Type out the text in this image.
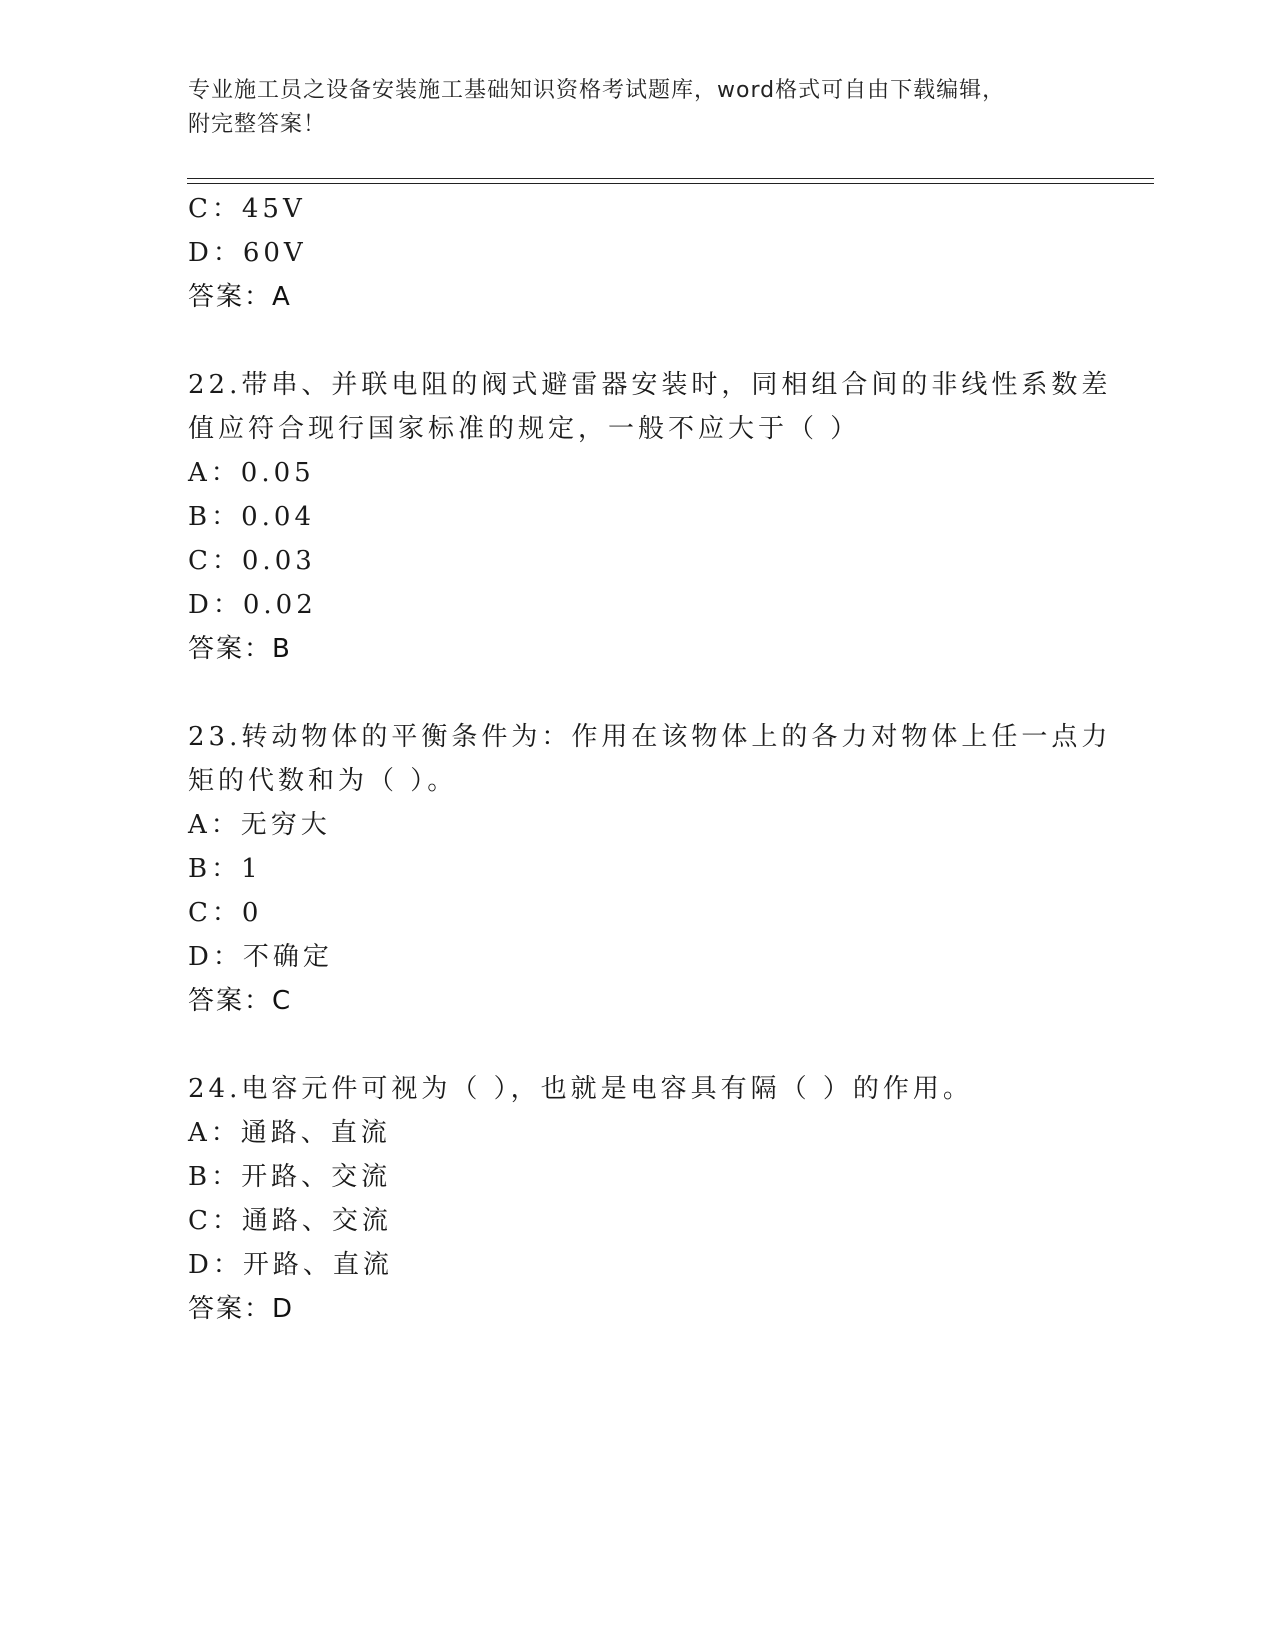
专业施工员之设备安装施工基础知识资格考试题库，word格式可自由下载编辑，
附完整答案！
C：45V
D：60V
答案：A
22.带串、并联电阻的阀式避雷器安装时，同相组合间的非线性系数差
值应符合现行国家标准的规定，一般不应大于（ ）
A：0.05
B：0.04
C：0.03
D：0.02
答案：B
23.转动物体的平衡条件为：作用在该物体上的各力对物体上任一点力
矩的代数和为（ ）。
A：无穷大
B：1
C：0
D：不确定
答案：C
24.电容元件可视为（ ），也就是电容具有隔（ ）的作用。
A：通路、直流
B：开路、交流
C：通路、交流
D：开路、直流
答案：D
